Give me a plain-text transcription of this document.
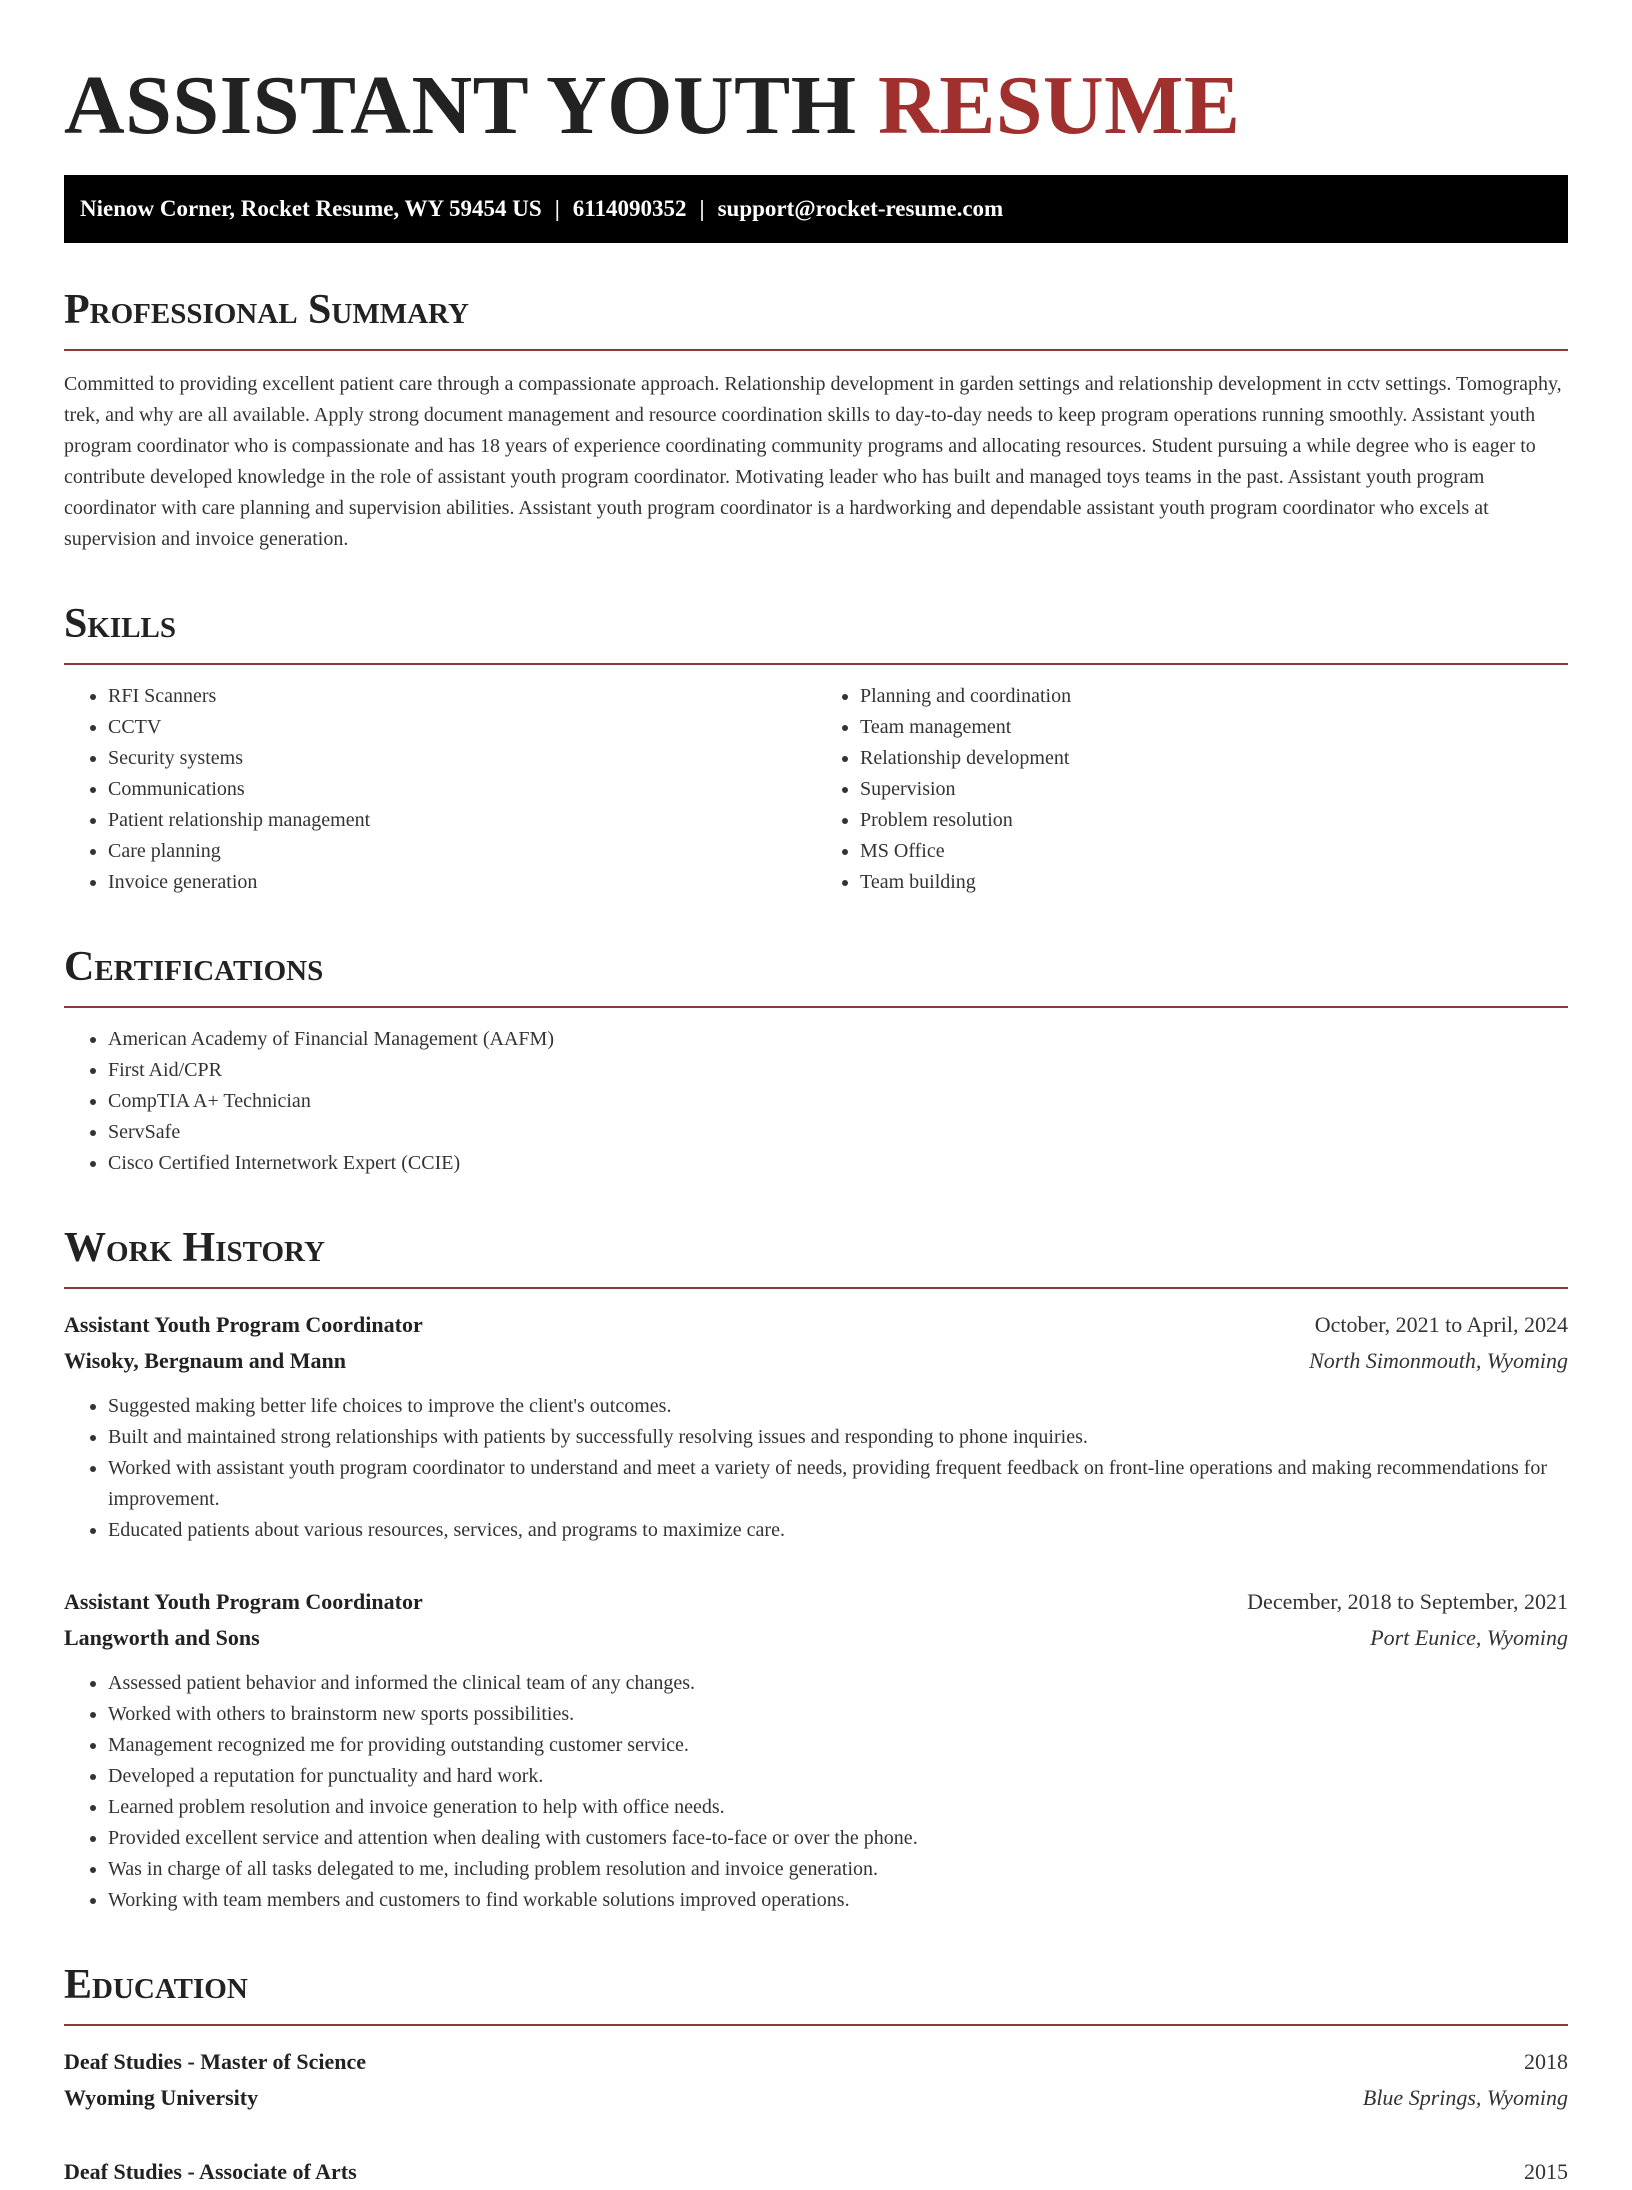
ASSISTANT YOUTH RESUME
Nienow Corner, Rocket Resume, WY 59454 US | 6114090352 | support@rocket-resume.com
Professional Summary

Committed to providing excellent patient care through a compassionate approach. Relationship development in garden settings and relationship development in cctv settings. Tomography, trek, and why are all available. Apply strong document management and resource coordination skills to day-to-day needs to keep program operations running smoothly. Assistant youth program coordinator who is compassionate and has 18 years of experience coordinating community programs and allocating resources. Student pursuing a while degree who is eager to contribute developed knowledge in the role of assistant youth program coordinator. Motivating leader who has built and managed toys teams in the past. Assistant youth program coordinator with care planning and supervision abilities. Assistant youth program coordinator is a hardworking and dependable assistant youth program coordinator who excels at supervision and invoice generation.

Skills
• RFI Scanners
• CCTV
• Security systems
• Communications
• Patient relationship management
• Care planning
• Invoice generation
• Planning and coordination
• Team management
• Relationship development
• Supervision
• Problem resolution
• MS Office
• Team building
Certifications
• American Academy of Financial Management (AAFM)
• First Aid/CPR
• CompTIA A+ Technician
• ServSafe
• Cisco Certified Internetwork Expert (CCIE)
Work History
Assistant Youth Program Coordinator	October, 2021 to April, 2024
Wisoky, Bergnaum and Mann	North Simonmouth, Wyoming
• Suggested making better life choices to improve the client's outcomes.
• Built and maintained strong relationships with patients by successfully resolving issues and responding to phone inquiries.
• Worked with assistant youth program coordinator to understand and meet a variety of needs, providing frequent feedback on front-line operations and making recommendations for improvement.
• Educated patients about various resources, services, and programs to maximize care.
Assistant Youth Program Coordinator	December, 2018 to September, 2021
Langworth and Sons	Port Eunice, Wyoming
• Assessed patient behavior and informed the clinical team of any changes.
• Worked with others to brainstorm new sports possibilities.
• Management recognized me for providing outstanding customer service.
• Developed a reputation for punctuality and hard work.
• Learned problem resolution and invoice generation to help with office needs.
• Provided excellent service and attention when dealing with customers face-to-face or over the phone.
• Was in charge of all tasks delegated to me, including problem resolution and invoice generation.
• Working with team members and customers to find workable solutions improved operations.
Education
Deaf Studies - Master of Science	2018
Wyoming University	Blue Springs, Wyoming
Deaf Studies - Associate of Arts	2015
